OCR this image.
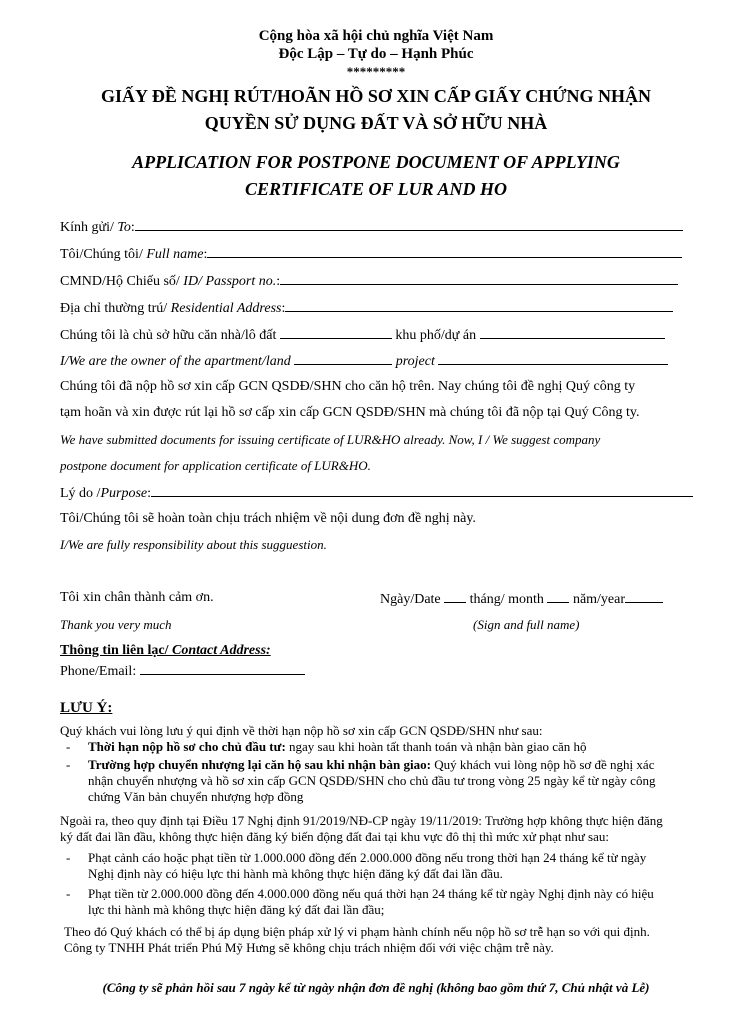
Cộng hòa xã hội chủ nghĩa Việt Nam
Độc Lập – Tự do – Hạnh Phúc
*********
GIẤY ĐỀ NGHỊ RÚT/HOÃN HỒ SƠ XIN CẤP GIẤY CHỨNG NHẬN
QUYỀN SỬ DỤNG ĐẤT VÀ SỞ HỮU NHÀ
APPLICATION FOR POSTPONE DOCUMENT OF APPLYING
CERTIFICATE OF LUR AND HO
Kính gửi/ To:
Tôi/Chúng tôi/ Full name:
CMND/Hộ Chiếu số/ ID/ Passport no.:
Địa chỉ thường trú/ Residential Address:
Chúng tôi là chủ sở hữu căn nhà/lô đất	khu phố/dự án
I/We are the owner of the apartment/land	project
Chúng tôi đã nộp hồ sơ xin cấp GCN QSDĐ/SHN cho căn hộ trên. Nay chúng tôi đề nghị Quý công ty
tạm hoãn và xin được rút lại hồ sơ cấp xin cấp GCN QSDĐ/SHN mà chúng tôi đã nộp tại Quý Công ty.
We have submitted documents for issuing certificate of LUR&HO already. Now, I / We suggest company
postpone document for application certificate of LUR&HO.
Lý do /Purpose:
Tôi/Chúng tôi sẽ hoàn toàn chịu trách nhiệm về nội dung đơn đề nghị này.
I/We are fully responsibility about this sugguestion.
Tôi xin chân thành cảm ơn.
Thank you very much
Ngày/Date tháng/ month năm/year
(Sign and full name)
Thông tin liên lạc/ Contact Address:
Phone/Email:
LƯU Ý:
Quý khách vui lòng lưu ý qui định về thời hạn nộp hồ sơ xin cấp GCN QSDĐ/SHN như sau:
- Thời hạn nộp hồ sơ cho chủ đầu tư: ngay sau khi hoàn tất thanh toán và nhận bàn giao căn hộ
- Trường hợp chuyển nhượng lại căn hộ sau khi nhận bàn giao: Quý khách vui lòng nộp hồ sơ đề nghị xác
nhận chuyển nhượng và hồ sơ xin cấp GCN QSDĐ/SHN cho chủ đầu tư trong vòng 25 ngày kể từ ngày công
chứng Văn bản chuyển nhượng hợp đồng
Ngoài ra, theo quy định tại Điều 17 Nghị định 91/2019/NĐ-CP ngày 19/11/2019: Trường hợp không thực hiện đăng
ký đất đai lần đầu, không thực hiện đăng ký biến động đất đai tại khu vực đô thị thì mức xử phạt như sau:
- Phạt cảnh cáo hoặc phạt tiền từ 1.000.000 đồng đến 2.000.000 đồng nếu trong thời hạn 24 tháng kể từ ngày
Nghị định này có hiệu lực thi hành mà không thực hiện đăng ký đất đai lần đầu.
- Phạt tiền từ 2.000.000 đồng đến 4.000.000 đồng nếu quá thời hạn 24 tháng kể từ ngày Nghị định này có hiệu
lực thi hành mà không thực hiện đăng ký đất đai lần đầu;
Theo đó Quý khách có thể bị áp dụng biện pháp xử lý vi phạm hành chính nếu nộp hồ sơ trễ hạn so với qui định.
Công ty TNHH Phát triển Phú Mỹ Hưng sẽ không chịu trách nhiệm đối với việc chậm trễ này.
(Công ty sẽ phản hồi sau 7 ngày kể từ ngày nhận đơn đề nghị (không bao gồm thứ 7, Chủ nhật và Lễ)
